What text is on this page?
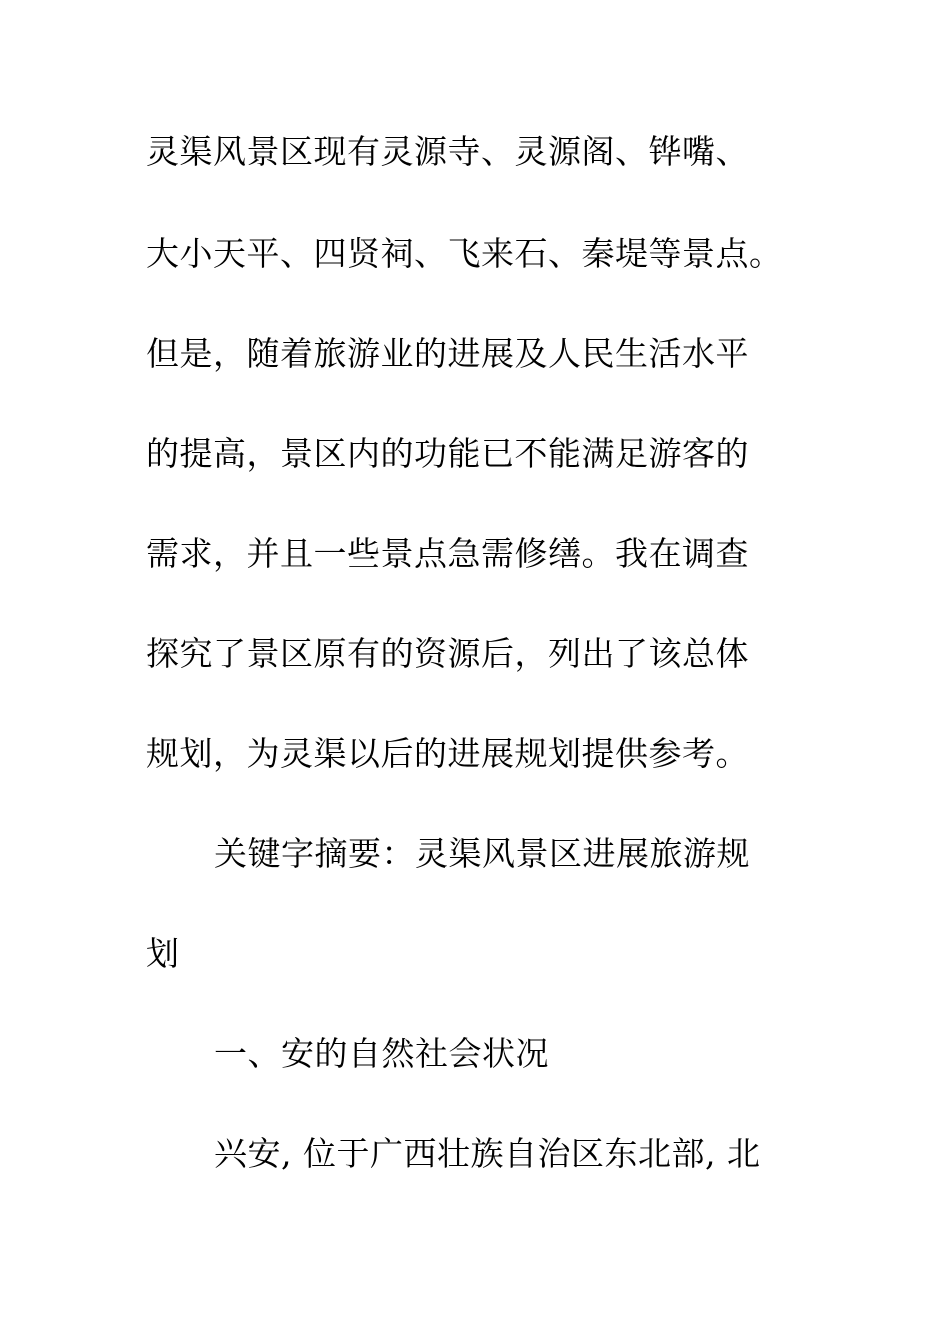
灵渠风景区现有灵源寺、灵源阁、铧嘴、
大小天平、四贤祠、飞来石、秦堤等景点。
但是，随着旅游业的进展及人民生活水平
的提高，景区内的功能已不能满足游客的
需求，并且一些景点急需修缮。我在调查
探究了景区原有的资源后，列出了该总体
规划，为灵渠以后的进展规划提供参考。
关键字摘要：灵渠风景区进展旅游规
划
一、安的自然社会状况
兴安, 位于广西壮族自治区东北部, 北
